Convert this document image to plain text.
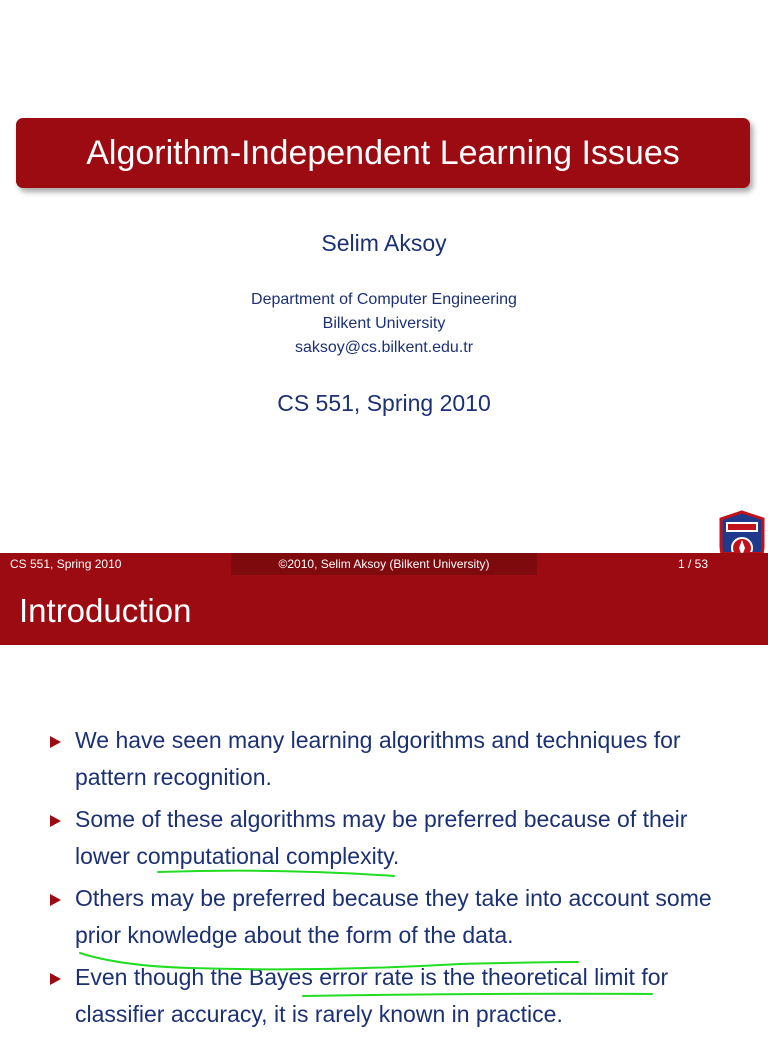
Algorithm-Independent Learning Issues
Selim Aksoy
Department of Computer Engineering
Bilkent University
saksoy@cs.bilkent.edu.tr
CS 551, Spring 2010
CS 551, Spring 2010	©2010, Selim Aksoy (Bilkent University)	1 / 53
Introduction
We have seen many learning algorithms and techniques for pattern recognition.
Some of these algorithms may be preferred because of their lower computational complexity.
Others may be preferred because they take into account some prior knowledge about the form of the data.
Even though the Bayes error rate is the theoretical limit for classifier accuracy, it is rarely known in practice.
